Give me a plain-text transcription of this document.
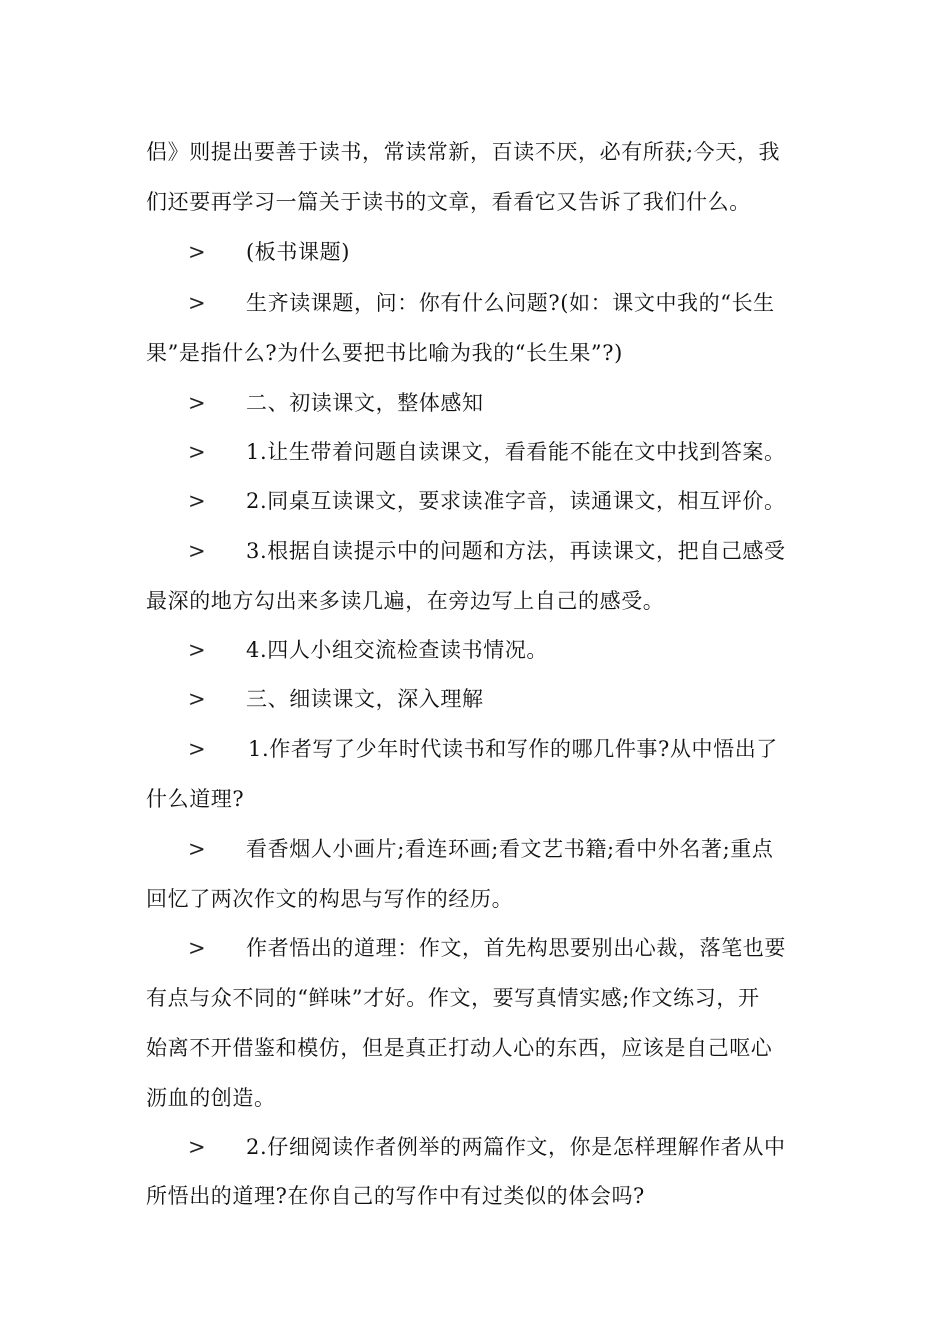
侣》则提出要善于读书，常读常新，百读不厌，必有所获;今天，我
们还要再学习一篇关于读书的文章，看看它又告诉了我们什么。
> (板书课题)
> 生齐读课题，问：你有什么问题?(如：课文中我的“长生
果”是指什么?为什么要把书比喻为我的“长生果”?)
> 二、初读课文，整体感知
> 1.让生带着问题自读课文，看看能不能在文中找到答案。
> 2.同桌互读课文，要求读准字音，读通课文，相互评价。
> 3.根据自读提示中的问题和方法，再读课文，把自己感受
最深的地方勾出来多读几遍，在旁边写上自己的感受。
> 4.四人小组交流检查读书情况。
> 三、细读课文，深入理解
> 1.作者写了少年时代读书和写作的哪几件事?从中悟出了
什么道理?
> 看香烟人小画片;看连环画;看文艺书籍;看中外名著;重点
回忆了两次作文的构思与写作的经历。
> 作者悟出的道理：作文，首先构思要别出心裁，落笔也要
有点与众不同的“鲜味”才好。作文，要写真情实感;作文练习，开
始离不开借鉴和模仿，但是真正打动人心的东西，应该是自己呕心
沥血的创造。
> 2.仔细阅读作者例举的两篇作文，你是怎样理解作者从中
所悟出的道理?在你自己的写作中有过类似的体会吗?
